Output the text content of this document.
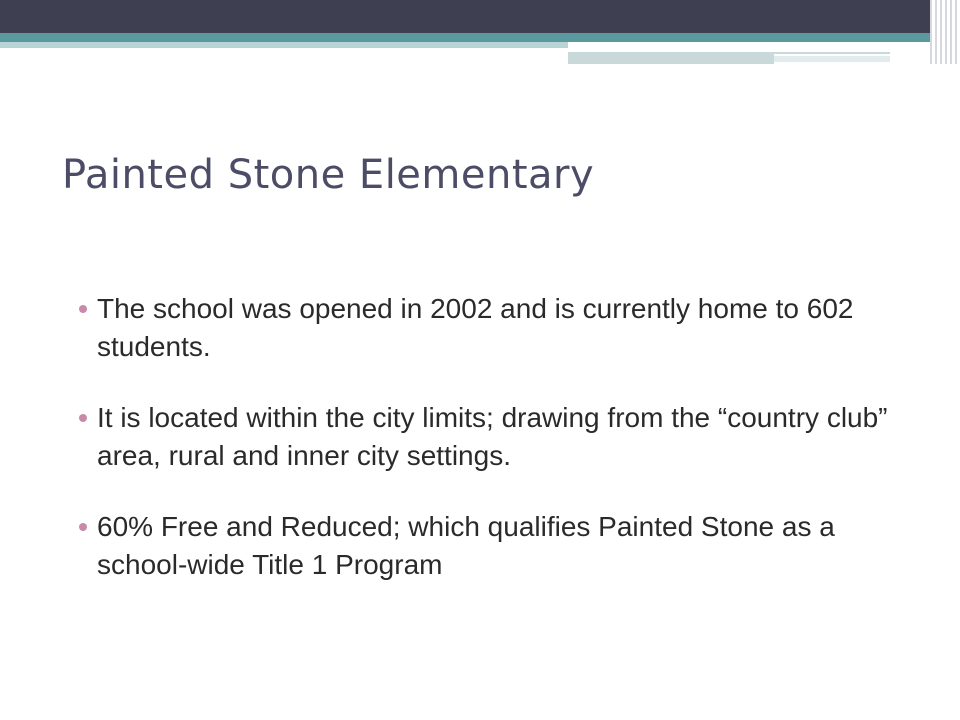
Painted Stone Elementary
The school was opened in 2002 and is currently home to 602 students.
It is located within the city limits; drawing from the “country club” area, rural and inner city settings.
60% Free and Reduced; which qualifies Painted Stone as a school-wide Title 1 Program
